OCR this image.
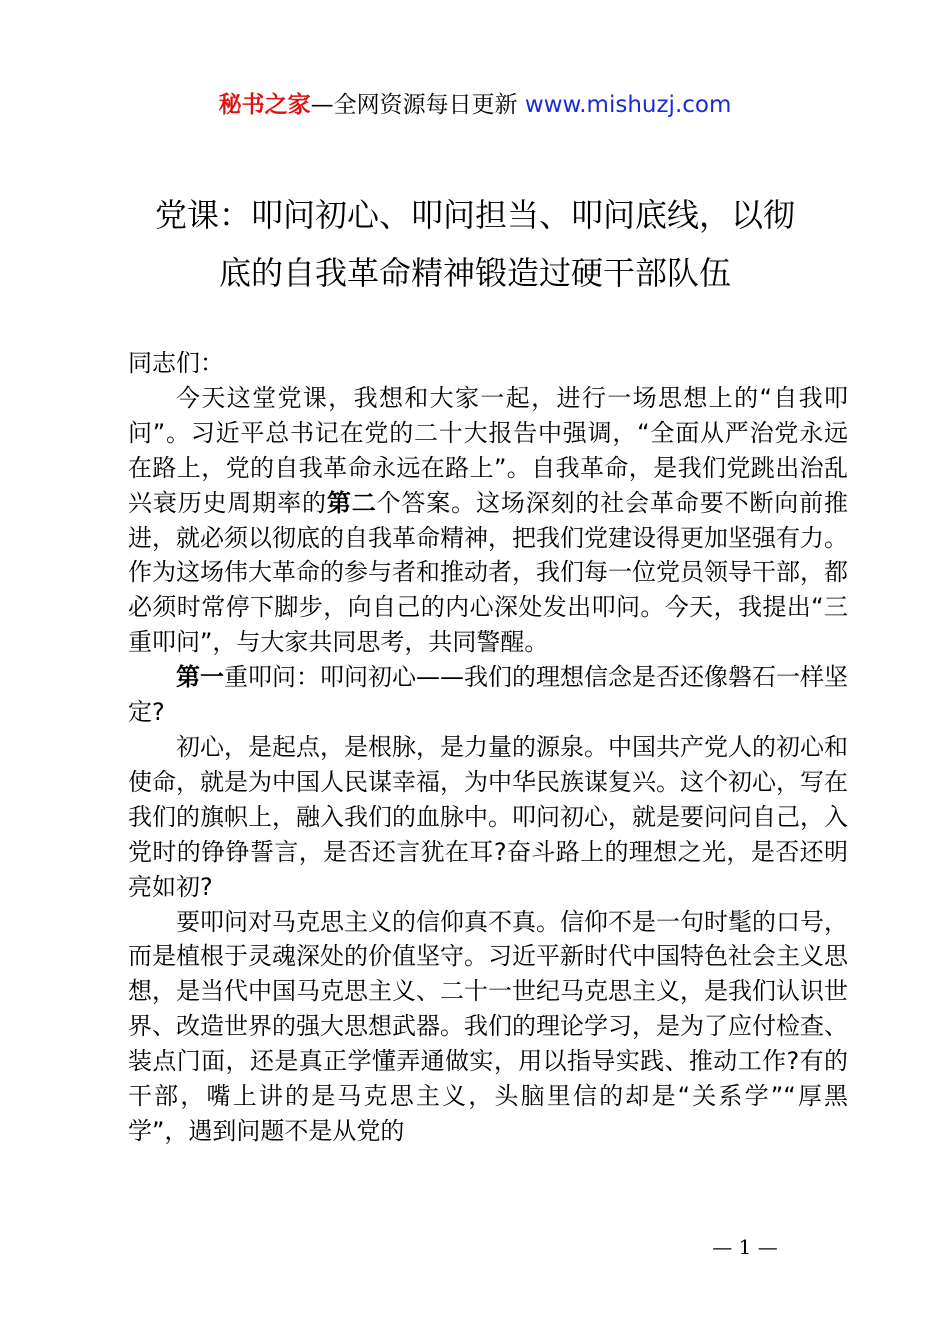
秘书之家—全网资源每日更新 www.mishuzj.com
党课：叩问初心、叩问担当、叩问底线，以彻
底的自我革命精神锻造过硬干部队伍

同志们：

今天这堂党课，我想和大家一起，进行一场思想上的“自我叩问”。习近平总书记在党的二十大报告中强调，“全面从严治党永远在路上，党的自我革命永远在路上”。自我革命，是我们党跳出治乱兴衰历史周期率的第二个答案。这场深刻的社会革命要不断向前推进，就必须以彻底的自我革命精神，把我们党建设得更加坚强有力。作为这场伟大革命的参与者和推动者，我们每一位党员领导干部，都必须时常停下脚步，向自己的内心深处发出叩问。今天，我提出“三重叩问”，与大家共同思考，共同警醒。

第一重叩问：叩问初心——我们的理想信念是否还像磐石一样坚定?

初心，是起点，是根脉，是力量的源泉。中国共产党人的初心和使命，就是为中国人民谋幸福，为中华民族谋复兴。这个初心，写在我们的旗帜上，融入我们的血脉中。叩问初心，就是要问问自己，入党时的铮铮誓言，是否还言犹在耳?奋斗路上的理想之光，是否还明亮如初?

要叩问对马克思主义的信仰真不真。信仰不是一句时髦的口号，而是植根于灵魂深处的价值坚守。习近平新时代中国特色社会主义思想，是当代中国马克思主义、二十一世纪马克思主义，是我们认识世界、改造世界的强大思想武器。我们的理论学习，是为了应付检查、装点门面，还是真正学懂弄通做实，用以指导实践、推动工作?有的干部，嘴上讲的是马克思主义，头脑里信的却是“关系学”“厚黑学”，遇到问题不是从党的

— 1 —
